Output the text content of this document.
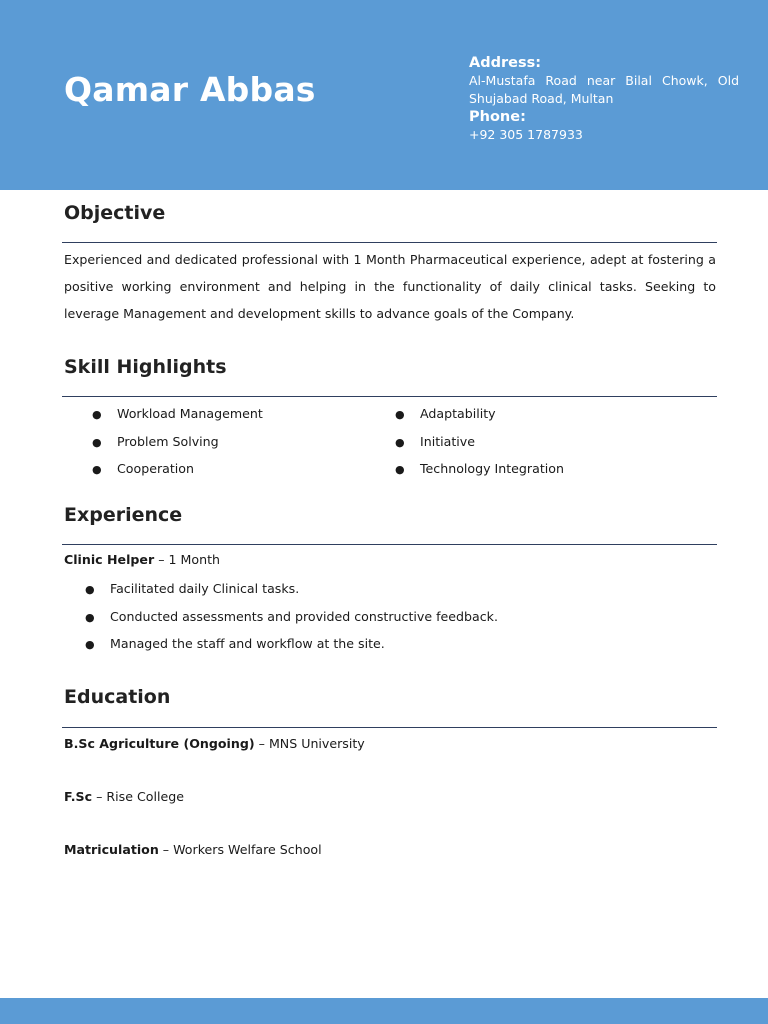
Qamar Abbas
Address:
Al-Mustafa Road near Bilal Chowk, Old
Shujabad Road, Multan
Phone:
+92 305 1787933
Objective
Experienced and dedicated professional with 1 Month Pharmaceutical experience, adept at fostering a positive working environment and helping in the functionality of daily clinical tasks. Seeking to leverage Management and development skills to advance goals of the Company.
Skill Highlights
● Workload Management
● Problem Solving
● Cooperation
● Adaptability
● Initiative
● Technology Integration
Experience
Clinic Helper – 1 Month
● Facilitated daily Clinical tasks.
● Conducted assessments and provided constructive feedback.
● Managed the staff and workflow at the site.
Education
B.Sc Agriculture (Ongoing) – MNS University
F.Sc – Rise College
Matriculation – Workers Welfare School
